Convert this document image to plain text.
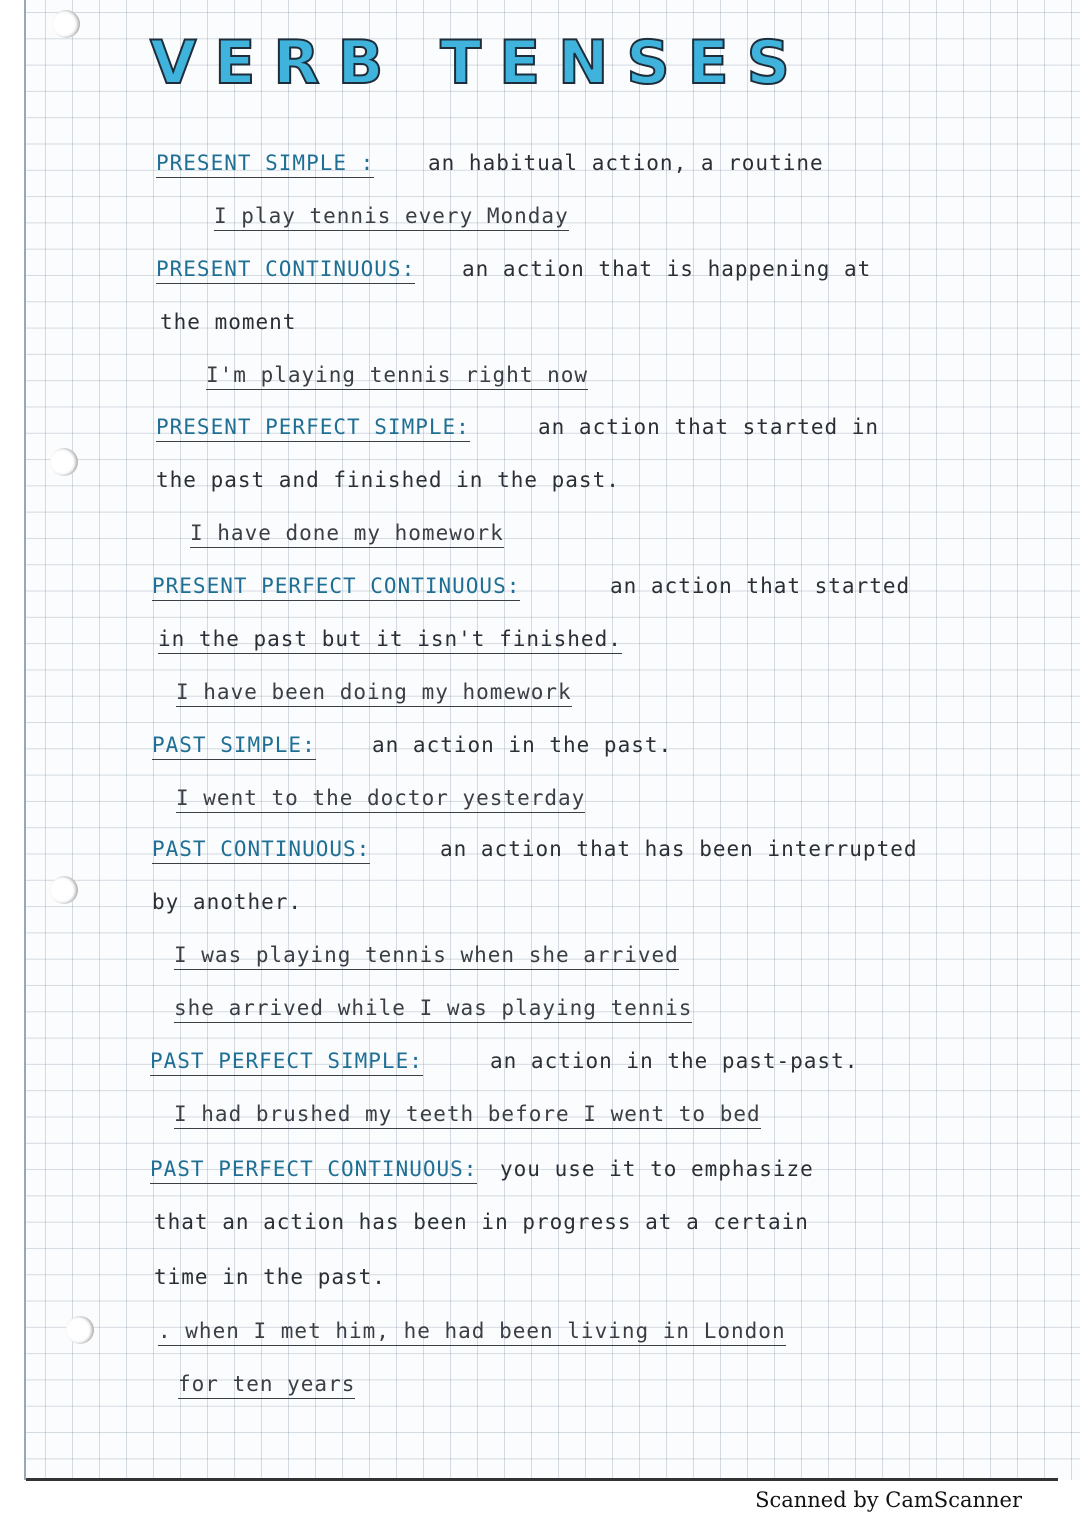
VERB TENSES
PRESENT SIMPLE :	an habitual action, a routine
I play tennis every Monday
PRESENT CONTINUOUS: an action that is happening at
the moment
I'm playing tennis right now
PRESENT PERFECT SIMPLE:	an action that started in
the past and finished in the past.
I have done my homework
PRESENT PERFECT CONTINUOUS:	an action that started
in the past but it isn't finished.
I have been doing my homework
PAST SIMPLE:	an action in the past.
I went to the doctor yesterday
PAST CONTINUOUS:	an action that has been interrupted
by another.
I was playing tennis when she arrived
she arrived while I was playing tennis
PAST PERFECT SIMPLE:	an action in the past-past.
I had brushed my teeth before I went to bed
PAST PERFECT CONTINUOUS: you use it to emphasize
that an action has been in progress at a certain
time in the past.
. when I met him, he had been living in London
for ten years
Scanned by CamScanner
